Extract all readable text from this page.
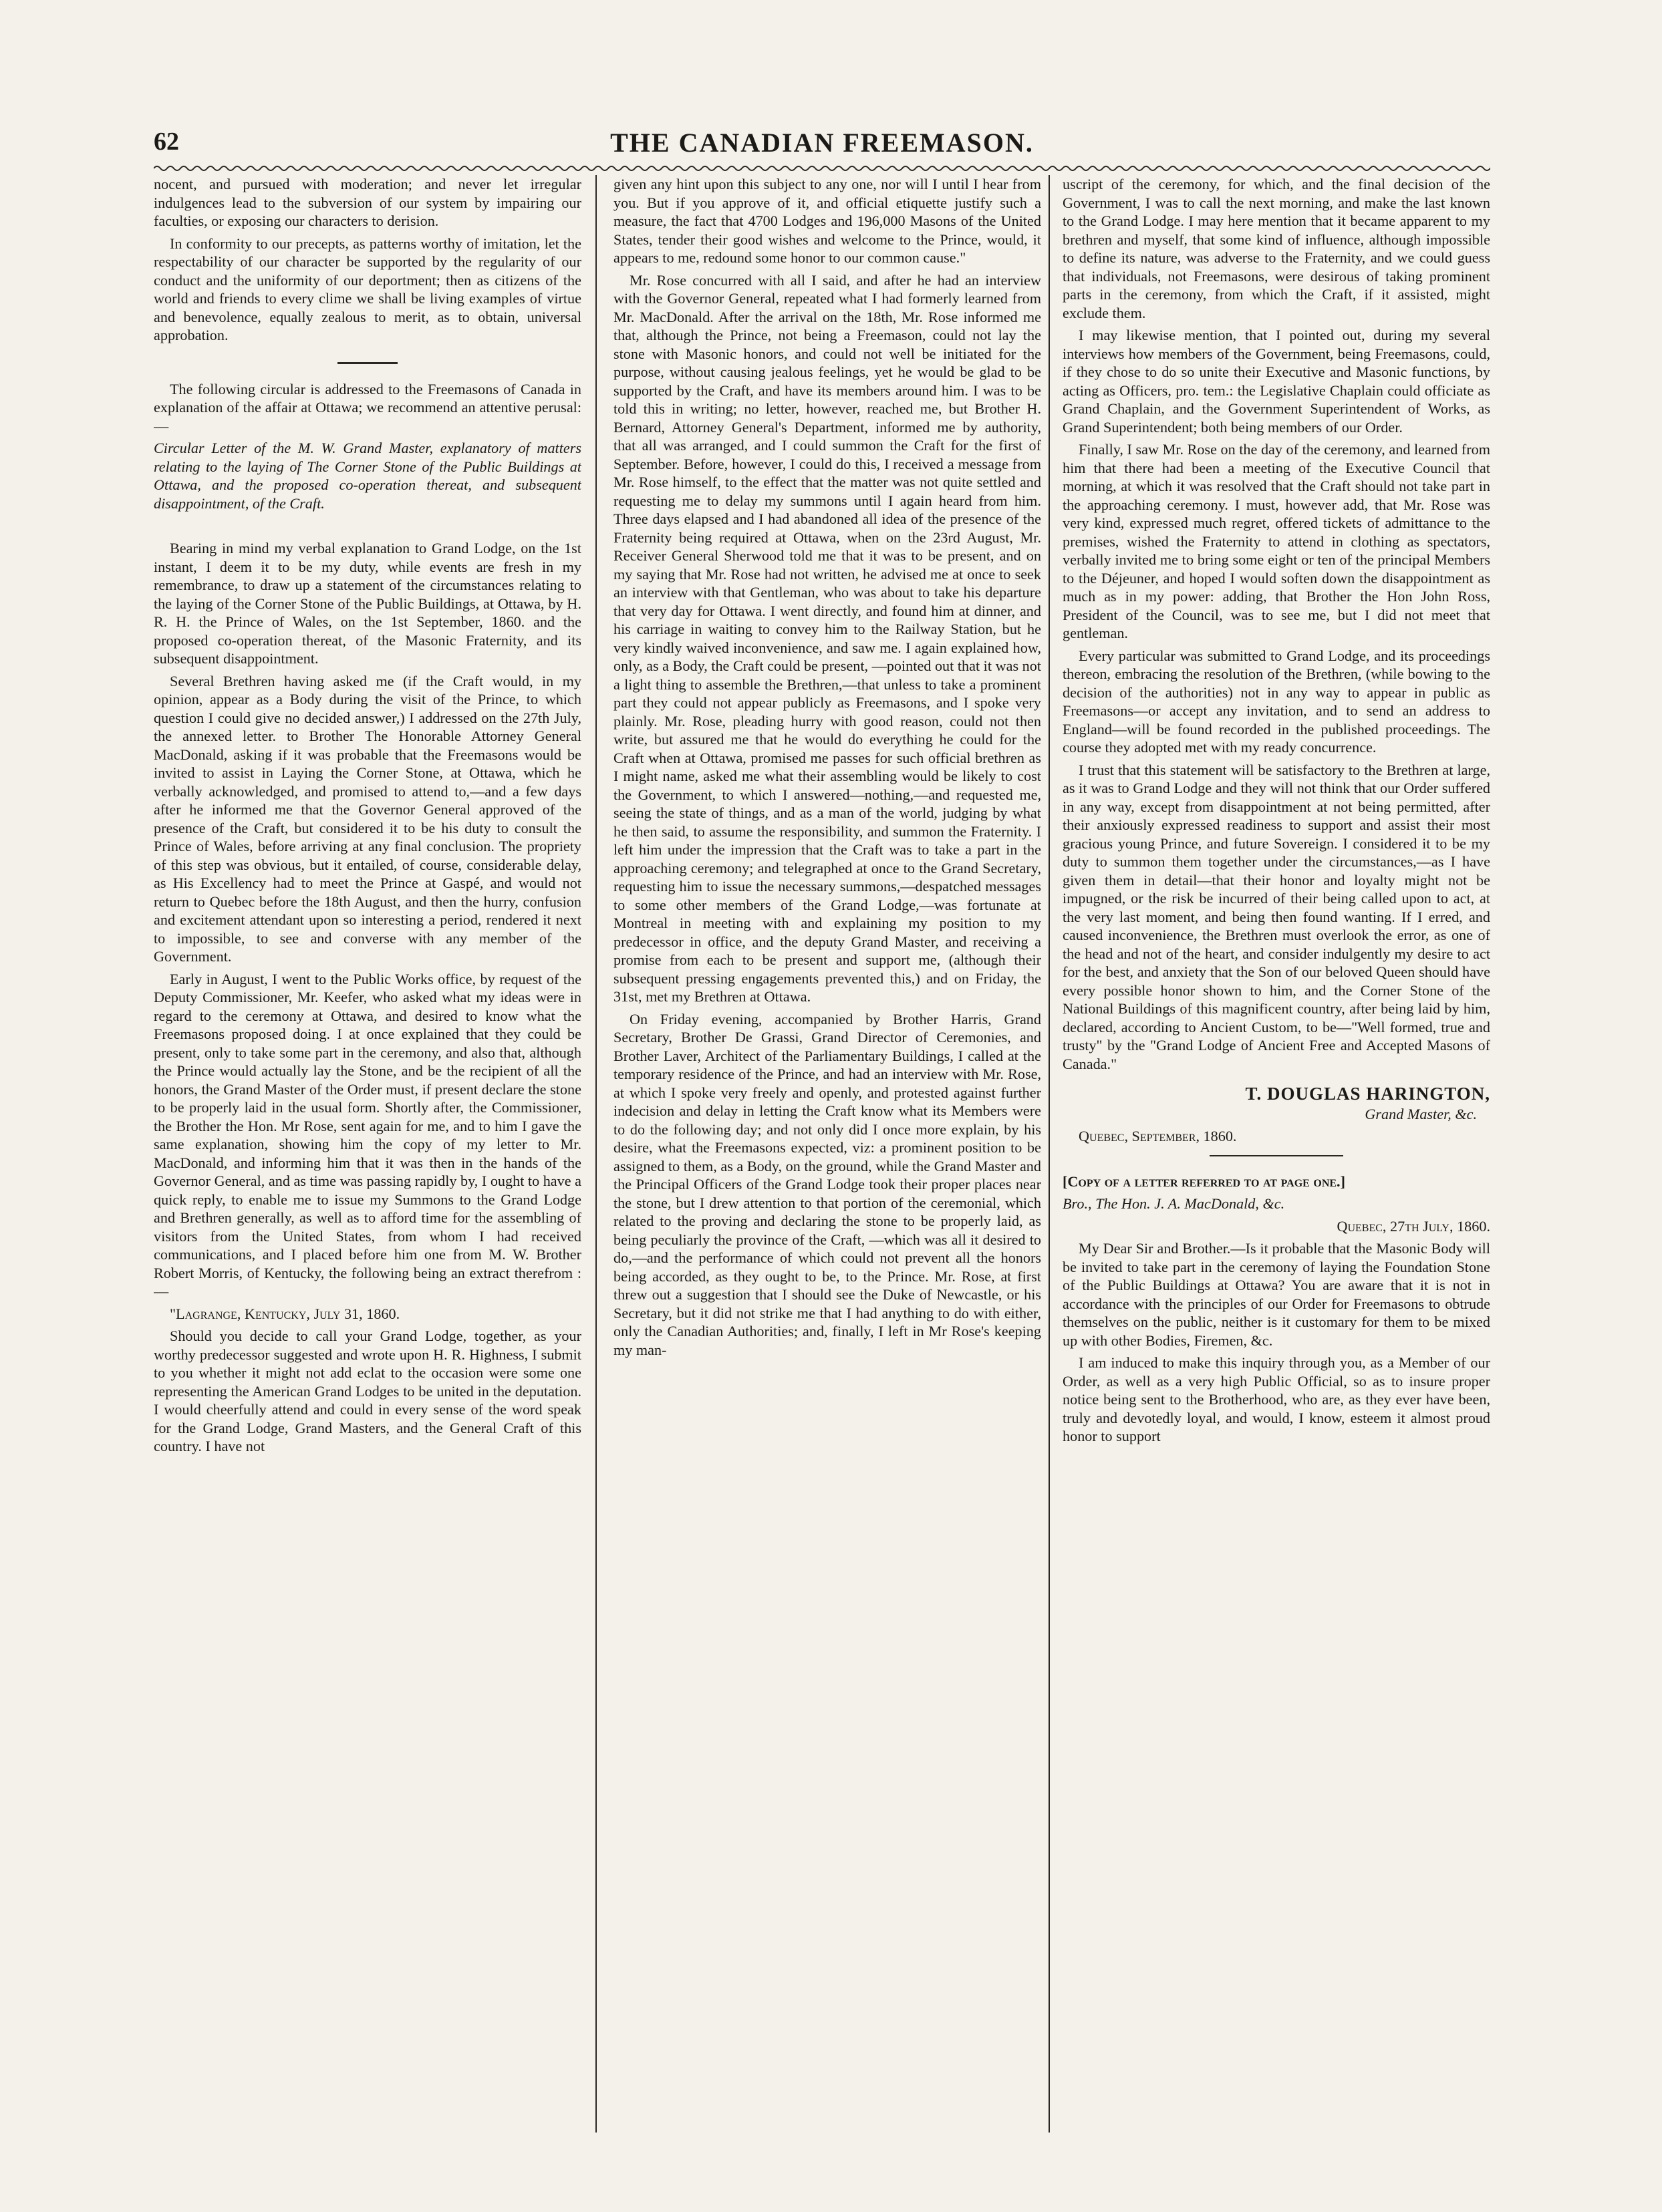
62	THE CANADIAN FREEMASON.

nocent, and pursued with moderation; and never let irregular indulgences lead to the subversion of our system by impairing our faculties, or exposing our characters to derision.

In conformity to our precepts, as patterns worthy of imitation, let the respectability of our character be supported by the regularity of our conduct and the uniformity of our deportment; then as citizens of the world and friends to every clime we shall be living examples of virtue and benevolence, equally zealous to merit, as to obtain, universal approbation.

The following circular is addressed to the Freemasons of Canada in explanation of the affair at Ottawa; we recommend an attentive perusal:—

Circular Letter of the M. W. Grand Master, explanatory of matters relating to the laying of The Corner Stone of the Public Buildings at Ottawa, and the proposed co-operation thereat, and subsequent disappointment, of the Craft.

Bearing in mind my verbal explanation to Grand Lodge, on the 1st instant, I deem it to be my duty, while events are fresh in my remembrance, to draw up a statement of the circumstances relating to the laying of the Corner Stone of the Public Buildings, at Ottawa, by H. R. H. the Prince of Wales, on the 1st September, 1860. and the proposed co-operation thereat, of the Masonic Fraternity, and its subsequent disappointment.

Several Brethren having asked me (if the Craft would, in my opinion, appear as a Body during the visit of the Prince, to which question I could give no decided answer,) I addressed on the 27th July, the annexed letter. to Brother The Honorable Attorney General MacDonald, asking if it was probable that the Freemasons would be invited to assist in Laying the Corner Stone, at Ottawa, which he verbally acknowledged, and promised to attend to,—and a few days after he informed me that the Governor General approved of the presence of the Craft, but considered it to be his duty to consult the Prince of Wales, before arriving at any final conclusion. The propriety of this step was obvious, but it entailed, of course, considerable delay, as His Excellency had to meet the Prince at Gaspé, and would not return to Quebec before the 18th August, and then the hurry, confusion and excitement attendant upon so interesting a period, rendered it next to impossible, to see and converse with any member of the Government.

Early in August, I went to the Public Works office, by request of the Deputy Commissioner, Mr. Keefer, who asked what my ideas were in regard to the ceremony at Ottawa, and desired to know what the Freemasons proposed doing. I at once explained that they could be present, only to take some part in the ceremony, and also that, although the Prince would actually lay the Stone, and be the recipient of all the honors, the Grand Master of the Order must, if present declare the stone to be properly laid in the usual form. Shortly after, the Commissioner, the Brother the Hon. Mr Rose, sent again for me, and to him I gave the same explanation, showing him the copy of my letter to Mr. MacDonald, and informing him that it was then in the hands of the Governor General, and as time was passing rapidly by, I ought to have a quick reply, to enable me to issue my Summons to the Grand Lodge and Brethren generally, as well as to afford time for the assembling of visitors from the United States, from whom I had received communications, and I placed before him one from M. W. Brother Robert Morris, of Kentucky, the following being an extract therefrom :—

"Lagrange, Kentucky, July 31, 1860.

Should you decide to call your Grand Lodge, together, as your worthy predecessor suggested and wrote upon H. R. Highness, I submit to you whether it might not add eclat to the occasion were some one representing the American Grand Lodges to be united in the deputation. I would cheerfully attend and could in every sense of the word speak for the Grand Lodge, Grand Masters, and the General Craft of this country. I have not

given any hint upon this subject to any one, nor will I until I hear from you. But if you approve of it, and official etiquette justify such a measure, the fact that 4700 Lodges and 196,000 Masons of the United States, tender their good wishes and welcome to the Prince, would, it appears to me, redound some honor to our common cause."

Mr. Rose concurred with all I said, and after he had an interview with the Governor General, repeated what I had formerly learned from Mr. MacDonald. After the arrival on the 18th, Mr. Rose informed me that, although the Prince, not being a Freemason, could not lay the stone with Masonic honors, and could not well be initiated for the purpose, without causing jealous feelings, yet he would be glad to be supported by the Craft, and have its members around him. I was to be told this in writing; no letter, however, reached me, but Brother H. Bernard, Attorney General's Department, informed me by authority, that all was arranged, and I could summon the Craft for the first of September. Before, however, I could do this, I received a message from Mr. Rose himself, to the effect that the matter was not quite settled and requesting me to delay my summons until I again heard from him. Three days elapsed and I had abandoned all idea of the presence of the Fraternity being required at Ottawa, when on the 23rd August, Mr. Receiver General Sherwood told me that it was to be present, and on my saying that Mr. Rose had not written, he advised me at once to seek an interview with that Gentleman, who was about to take his departure that very day for Ottawa. I went directly, and found him at dinner, and his carriage in waiting to convey him to the Railway Station, but he very kindly waived inconvenience, and saw me. I again explained how, only, as a Body, the Craft could be present, —pointed out that it was not a light thing to assemble the Brethren,—that unless to take a prominent part they could not appear publicly as Freemasons, and I spoke very plainly. Mr. Rose, pleading hurry with good reason, could not then write, but assured me that he would do everything he could for the Craft when at Ottawa, promised me passes for such official brethren as I might name, asked me what their assembling would be likely to cost the Government, to which I answered—nothing,—and requested me, seeing the state of things, and as a man of the world, judging by what he then said, to assume the responsibility, and summon the Fraternity. I left him under the impression that the Craft was to take a part in the approaching ceremony; and telegraphed at once to the Grand Secretary, requesting him to issue the necessary summons,—despatched messages to some other members of the Grand Lodge,—was fortunate at Montreal in meeting with and explaining my position to my predecessor in office, and the deputy Grand Master, and receiving a promise from each to be present and support me, (although their subsequent pressing engagements prevented this,) and on Friday, the 31st, met my Brethren at Ottawa.

On Friday evening, accompanied by Brother Harris, Grand Secretary, Brother De Grassi, Grand Director of Ceremonies, and Brother Laver, Architect of the Parliamentary Buildings, I called at the temporary residence of the Prince, and had an interview with Mr. Rose, at which I spoke very freely and openly, and protested against further indecision and delay in letting the Craft know what its Members were to do the following day; and not only did I once more explain, by his desire, what the Freemasons expected, viz: a prominent position to be assigned to them, as a Body, on the ground, while the Grand Master and the Principal Officers of the Grand Lodge took their proper places near the stone, but I drew attention to that portion of the ceremonial, which related to the proving and declaring the stone to be properly laid, as being peculiarly the province of the Craft, —which was all it desired to do,—and the performance of which could not prevent all the honors being accorded, as they ought to be, to the Prince. Mr. Rose, at first threw out a suggestion that I should see the Duke of Newcastle, or his Secretary, but it did not strike me that I had anything to do with either, only the Canadian Authorities; and, finally, I left in Mr Rose's keeping my man-

uscript of the ceremony, for which, and the final decision of the Government, I was to call the next morning, and make the last known to the Grand Lodge. I may here mention that it became apparent to my brethren and myself, that some kind of influence, although impossible to define its nature, was adverse to the Fraternity, and we could guess that individuals, not Freemasons, were desirous of taking prominent parts in the ceremony, from which the Craft, if it assisted, might exclude them.

I may likewise mention, that I pointed out, during my several interviews how members of the Government, being Freemasons, could, if they chose to do so unite their Executive and Masonic functions, by acting as Officers, pro. tem.: the Legislative Chaplain could officiate as Grand Chaplain, and the Government Superintendent of Works, as Grand Superintendent; both being members of our Order.

Finally, I saw Mr. Rose on the day of the ceremony, and learned from him that there had been a meeting of the Executive Council that morning, at which it was resolved that the Craft should not take part in the approaching ceremony. I must, however add, that Mr. Rose was very kind, expressed much regret, offered tickets of admittance to the premises, wished the Fraternity to attend in clothing as spectators, verbally invited me to bring some eight or ten of the principal Members to the Déjeuner, and hoped I would soften down the disappointment as much as in my power: adding, that Brother the Hon John Ross, President of the Council, was to see me, but I did not meet that gentleman.

Every particular was submitted to Grand Lodge, and its proceedings thereon, embracing the resolution of the Brethren, (while bowing to the decision of the authorities) not in any way to appear in public as Freemasons—or accept any invitation, and to send an address to England—will be found recorded in the published proceedings. The course they adopted met with my ready concurrence.

I trust that this statement will be satisfactory to the Brethren at large, as it was to Grand Lodge and they will not think that our Order suffered in any way, except from disappointment at not being permitted, after their anxiously expressed readiness to support and assist their most gracious young Prince, and future Sovereign. I considered it to be my duty to summon them together under the circumstances,—as I have given them in detail—that their honor and loyalty might not be impugned, or the risk be incurred of their being called upon to act, at the very last moment, and being then found wanting. If I erred, and caused inconvenience, the Brethren must overlook the error, as one of the head and not of the heart, and consider indulgently my desire to act for the best, and anxiety that the Son of our beloved Queen should have every possible honor shown to him, and the Corner Stone of the National Buildings of this magnificent country, after being laid by him, declared, according to Ancient Custom, to be—"Well formed, true and trusty" by the "Grand Lodge of Ancient Free and Accepted Masons of Canada."

T. DOUGLAS HARINGTON,
Grand Master, &c.

Quebec, September, 1860.

[Copy of a letter referred to at page one.]

Bro., The Hon. J. A. MacDonald, &c.

Quebec, 27th July, 1860.

My Dear Sir and Brother.—Is it probable that the Masonic Body will be invited to take part in the ceremony of laying the Foundation Stone of the Public Buildings at Ottawa? You are aware that it is not in accordance with the principles of our Order for Freemasons to obtrude themselves on the public, neither is it customary for them to be mixed up with other Bodies, Firemen, &c.

I am induced to make this inquiry through you, as a Member of our Order, as well as a very high Public Official, so as to insure proper notice being sent to the Brotherhood, who are, as they ever have been, truly and devotedly loyal, and would, I know, esteem it almost proud honor to support
